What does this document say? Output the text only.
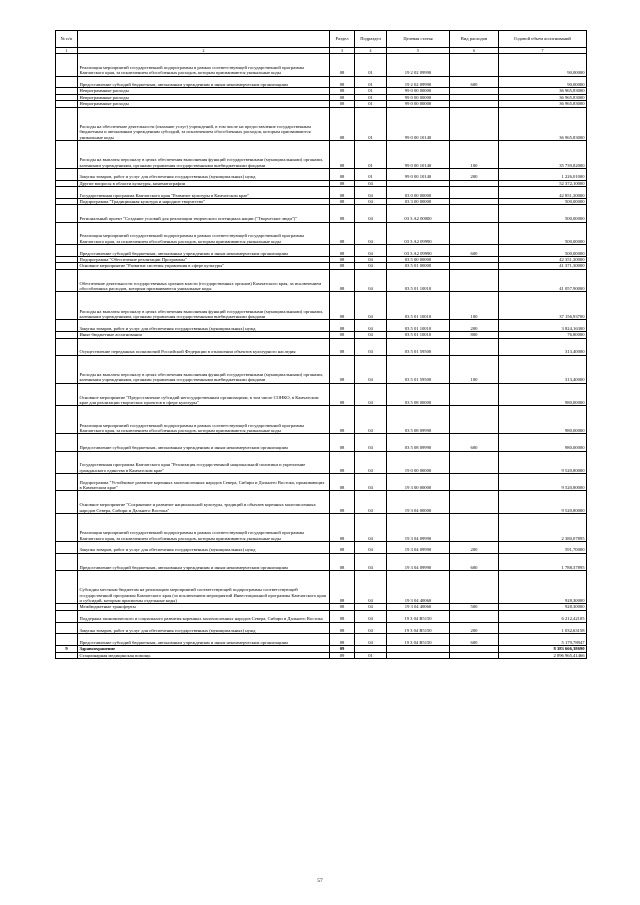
№ п/п		Раздел	Подраздел	Целевая статья	Вид расходов	Годовой объем ассигнований
1	2	3	4	5	6	7
	Реализация мероприятий государственной подпрограммы в рамках соответствующей государственной программы Камчатского края, за исключением обособленных расходов, которым присваиваются уникальные коды	08	01	19 2 02 09990		90,00000
	Предоставление субсидий бюджетным, автономным учреждениям и иным некоммерческим организациям	08	01	19 2 02 09990	600	90,00000
	Непрограммные расходы	08	01	99 0 00 00000		36 965,83000
	Непрограммные расходы	08	01	99 0 00 00000		36 965,83000
	Непрограммные расходы	08	01	99 0 00 00000		36 965,83000
	Расходы на обеспечение деятельности (оказание услуг) учреждений, в том числе на предоставление государственным бюджетным и автономным учреждениям субсидий, за исключением обособленных расходов, которым присваиваются уникальные коды	08	01	99 0 00 10140		36 965,83000
	Расходы на выплаты персоналу в целях обеспечения выполнения функций государственными (муниципальными) органами, казенными учреждениями, органами управления государственными внебюджетными фондами	08	01	99 0 00 10140	100	35 739,82000
	Закупка товаров, работ и услуг для обеспечения государственных (муниципальных) нужд	08	01	99 0 00 10140	200	1 226,01000
	Другие вопросы в области культуры, кинематографии	08	04			52 372,10000
	Государственная программа Камчатского края "Развитие культуры в Камчатском крае"	08	04	03 0 00 00000		42 851,30000
	Подпрограмма "Традиционная культура и народное творчество"	08	04	03 3 00 00000		500,00000
	Региональный проект "Создание условий для реализации творческого потенциала нации ("Творческие люди")"	08	04	03 3 A2 00000		500,00000
	Реализация мероприятий государственной подпрограммы в рамках соответствующей государственной программы Камчатского края, за исключением обособленных расходов, которым присваиваются уникальные коды	08	04	03 3 A2 09990		500,00000
	Предоставление субсидий бюджетным, автономным учреждениям и иным некоммерческим организациям	08	04	03 3 A2 09990	600	500,00000
	Подпрограмма "Обеспечение реализации Программы"	08	04	03 5 00 00000		42 351,30000
	Основное мероприятие "Развитие системы управления в сфере культуры"	08	04	03 5 01 00000		41 371,30000
	Обеспечение деятельности государственных органов власти (государственных органов) Камчатского края, за исключением обособленных расходов, которым присваиваются уникальные коды	08	04	03 5 01 10010		41 057,90000
	Расходы на выплаты персоналу в целях обеспечения выполнения функций государственными (муниципальными) органами, казенными учреждениями, органами управления государственными внебюджетными фондами	08	04	03 5 01 10010	100	37 156,93700
	Закупка товаров, работ и услуг для обеспечения государственных (муниципальных) нужд	08	04	03 5 01 10010	200	3 824,16300
	Иные бюджетные ассигнования	08	04	03 5 01 10010	800	76,80000
	Осуществление переданных полномочий Российской Федерации в отношении объектов культурного наследия	08	04	03 5 01 59500		313,40000
	Расходы на выплаты персоналу в целях обеспечения выполнения функций государственными (муниципальными) органами, казенными учреждениями, органами управления государственными внебюджетными фондами	08	04	03 5 01 59500	100	313,40000
	Основное мероприятие "Предоставление субсидий негосударственным организациям, в том числе СОНКО, в Камчатском крае для реализации творческих проектов в сфере культуры"	08	04	03 5 08 00000		980,00000
	Реализация мероприятий государственной подпрограммы в рамках соответствующей государственной программы Камчатского края, за исключением обособленных расходов, которым присваиваются уникальные коды	08	04	03 5 08 09990		980,00000
	Предоставление субсидий бюджетным, автономным учреждениям и иным некоммерческим организациям	08	04	03 5 08 09990	600	980,00000
	Государственная программа Камчатского края "Реализация государственной национальной политики и укрепление гражданского единства в Камчатском крае"	08	04	19 0 00 00000		9 520,80000
	Подпрограмма "Устойчивое развитие коренных малочисленных народов Севера, Сибири и Дальнего Востока, проживающих в Камчатском крае"	08	04	19 3 00 00000		9 520,80000
	Основное мероприятие "Сохранение и развитие национальной культуры, традиций и обычаев коренных малочисленных народов Севера, Сибири и Дальнего Востока"	08	04	19 3 04 00000		9 520,80000
	Реализация мероприятий государственной подпрограммы в рамках соответствующей государственной программы Камчатского края, за исключением обособленных расходов, которым присваиваются уникальные коды	08	04	19 3 04 09990		2 380,07895
	Закупка товаров, работ и услуг для обеспечения государственных (муниципальных) нужд	08	04	19 3 04 09990	200	591,70000
	Предоставление субсидий бюджетным, автономным учреждениям и иным некоммерческим организациям	08	04	19 3 04 09990	600	1 788,37895
	Субсидии местным бюджетам на реализацию мероприятий соответствующей подпрограммы соответствующей государственной программы Камчатского края (за исключением мероприятий Инвестиционной программы Камчатского края и субсидий, которым присвоены отдельные коды)	08	04	19 3 04 40060		928,30000
	Межбюджетные трансферты	08	04	19 3 04 40060	500	928,30000
	Поддержка экономического и социального развития коренных малочисленных народов Севера, Сибири и Дальнего Востока	08	04	19 3 04 R5150		6 212,42105
	Закупка товаров, работ и услуг для обеспечения государственных (муниципальных) нужд	08	04	19 3 04 R5150	200	1 032,63158
	Предоставление субсидий бюджетным, автономным учреждениям и иным некоммерческим организациям	08	04	19 3 04 R5150	600	5 179,78947
9	Здравоохранение	09				8 383 666,38690
	Стационарная медицинская помощь	09	01			2 096 965,41466
57
